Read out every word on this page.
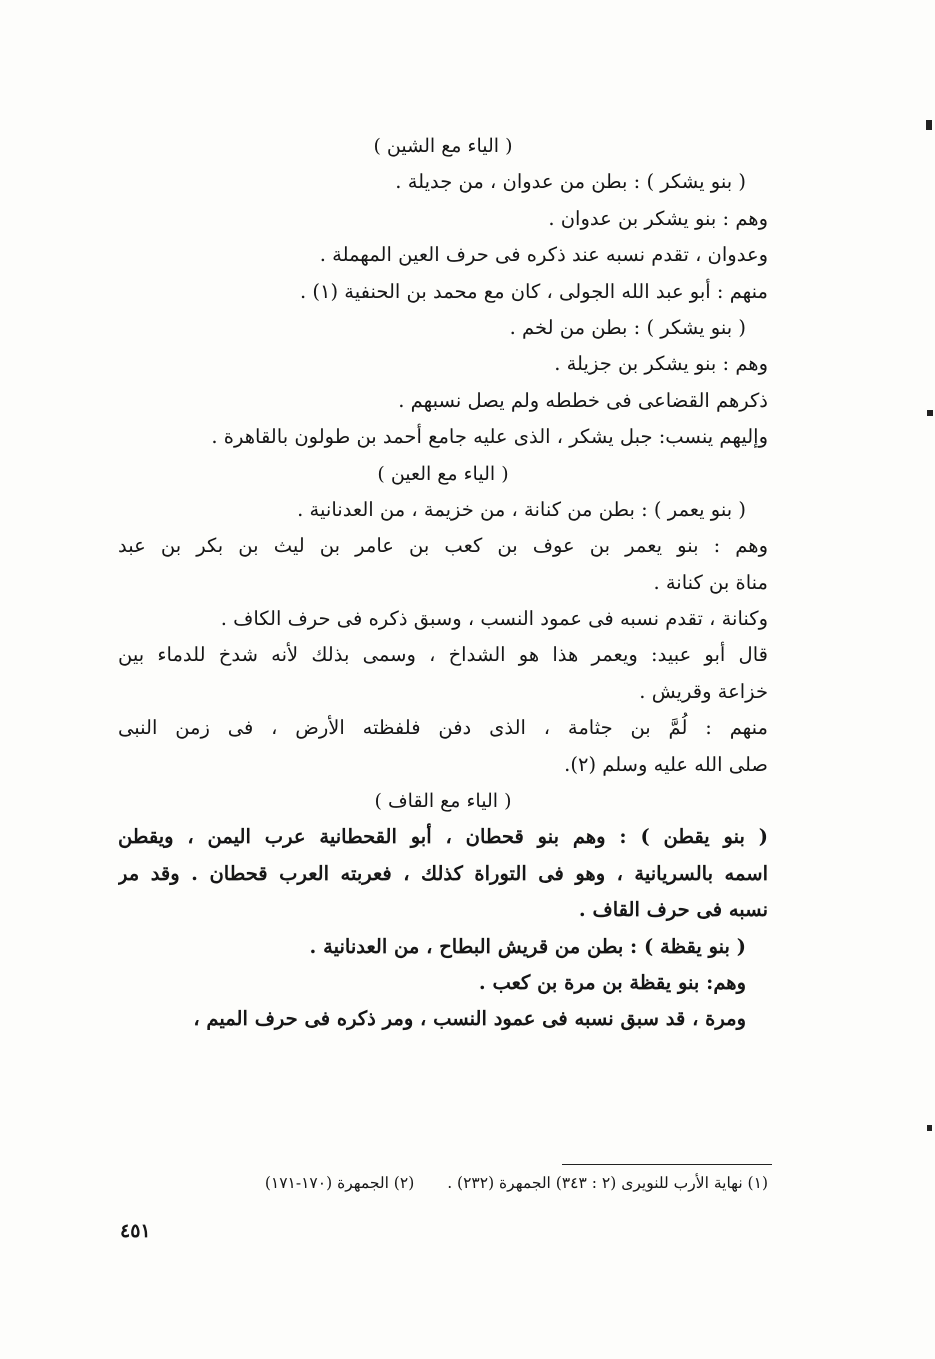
( الياء مع الشين )
( بنو يشكر ) : بطن من عدوان ، من جديلة .
وهم : بنو يشكر بن عدوان .
وعدوان ، تقدم نسبه عند ذكره فى حرف العين المهملة .
منهم : أبو عبد الله الجولى ، كان مع محمد بن الحنفية (١) .
( بنو يشكر ) : بطن من لخم .
وهم : بنو يشكر بن جزيلة .
ذكرهم القضاعى فى خططه ولم يصل نسبهم .
وإليهم ينسب: جبل يشكر ، الذى عليه جامع أحمد بن طولون بالقاهرة .
( الياء مع العين )
( بنو يعمر ) : بطن من كنانة ، من خزيمة ، من العدنانية .
وهم : بنو يعمر بن عوف بن كعب بن عامر بن ليث بن بكر بن عبد
مناة بن كنانة .
وكنانة ، تقدم نسبه فى عمود النسب ، وسبق ذكره فى حرف الكاف .
قال أبو عبيد: ويعمر هذا هو الشداخ ، وسمى بذلك لأنه شدخ للدماء بين
خزاعة وقريش .
منهم : لُمَّ بن جثامة ، الذى دفن فلفظته الأرض ، فى زمن النبى
صلى الله عليه وسلم (٢).
( الياء مع القاف )
( بنو يقطن ) : وهم بنو قحطان ، أبو القحطانية عرب اليمن ، ويقطن
اسمه بالسريانية ، وهو فى التوراة كذلك ، فعربته العرب قحطان . وقد مر
نسبه فى حرف القاف .
( بنو يقظة ) : بطن من قريش البطاح ، من العدنانية .
وهم: بنو يقظة بن مرة بن كعب .
ومرة ، قد سبق نسبه فى عمود النسب ، ومر ذكره فى حرف الميم ،
(١) نهاية الأرب للنويرى (٢ : ٣٤٣) الجمهرة (٢٣٢) . (٢) الجمهرة (١٧٠-١٧١)
٤٥١
